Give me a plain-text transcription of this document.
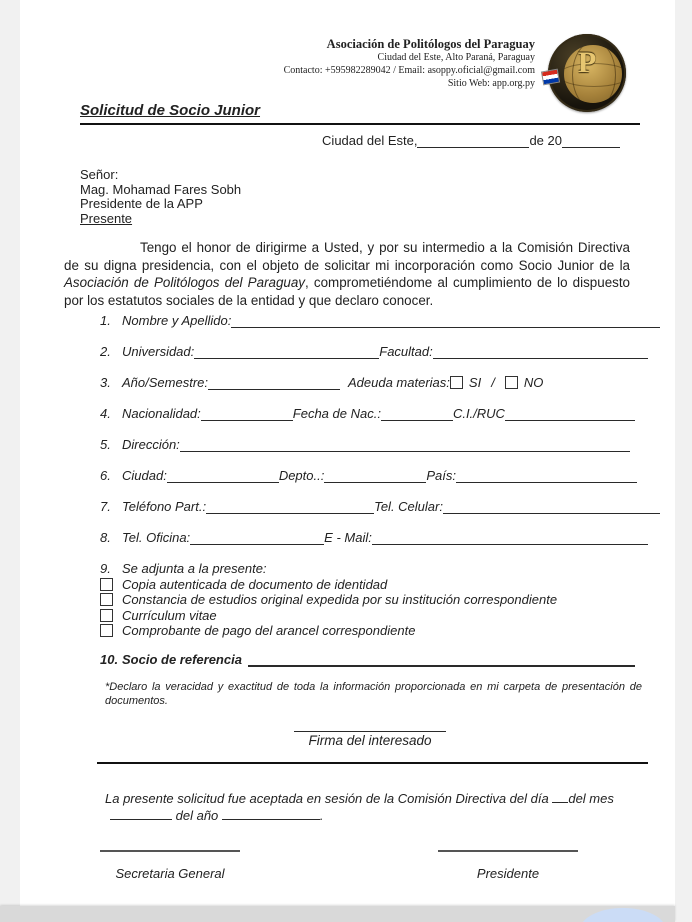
Asociación de Politólogos del Paraguay
Ciudad del Este, Alto Paraná, Paraguay
Contacto: +595982289042 / Email: asoppy.oficial@gmail.com
Sitio Web: app.org.py
P
Solicitud de Socio Junior
Ciudad del Este,	de 20
Señor:
Mag. Mohamad Fares Sobh
Presidente de la APP
Presente

Tengo el honor de dirigirme a Usted, y por su intermedio a la Comisión Directiva de su digna presidencia, con el objeto de solicitar mi incorporación como Socio Junior de la Asociación de Politólogos del Paraguay, comprometiéndome al cumplimiento de lo dispuesto por los estatutos sociales de la entidad y que declaro conocer.

1. Nombre y Apellido:
2. Universidad:	Facultad:
3. Año/Semestre:	Adeuda materias: SI / NO
4. Nacionalidad:	Fecha de Nac.:	C.I./RUC
5. Dirección:
6. Ciudad:	Depto..:	País:
7. Teléfono Part.:	Tel. Celular:
8. Tel. Oficina:	E - Mail:
9. Se adjunta a la presente:
Copia autenticada de documento de identidad
Constancia de estudios original expedida por su institución correspondiente
Currículum vitae
Comprobante de pago del arancel correspondiente
10. Socio de referencia

*Declaro la veracidad y exactitud de toda la información proporcionada en mi carpeta de presentación de documentos.

Firma del interesado
La presente solicitud fue aceptada en sesión de la Comisión Directiva del día del mes
del año	.
Secretaria General	Presidente
